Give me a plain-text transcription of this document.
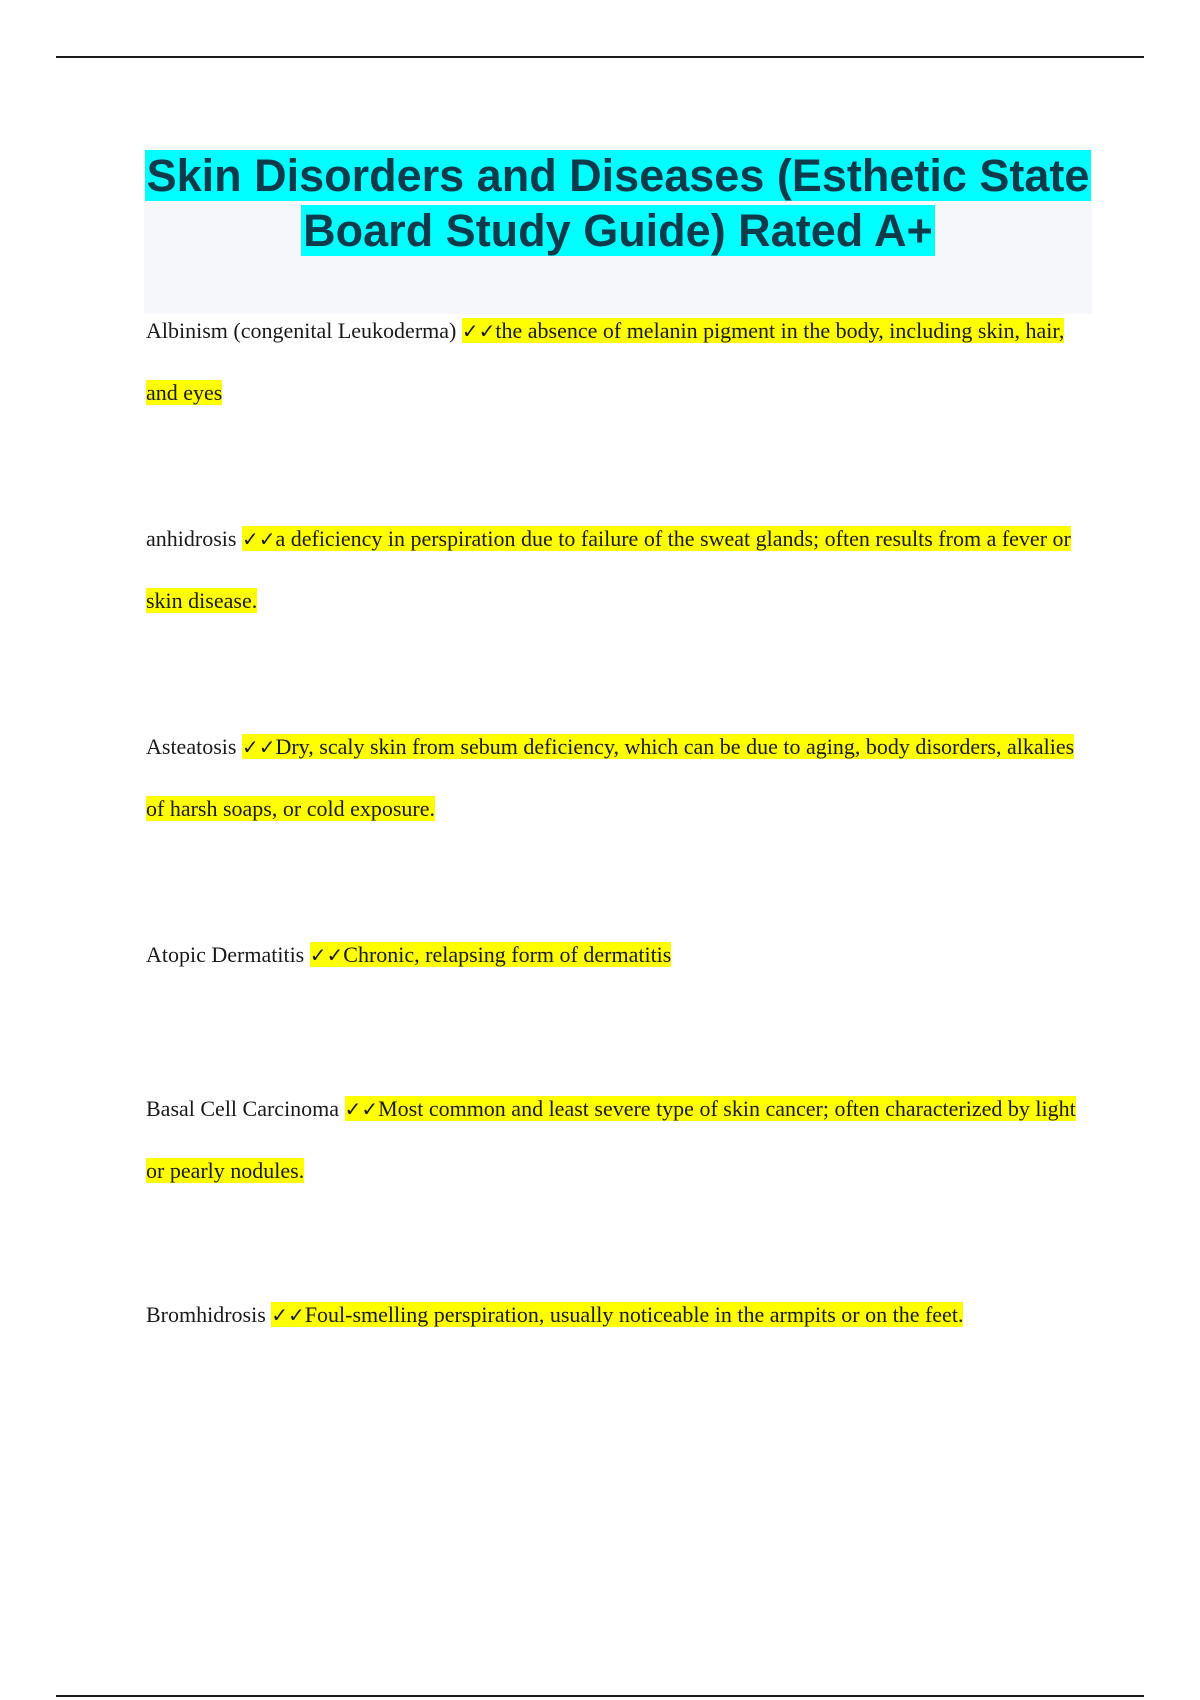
Skin Disorders and Diseases (Esthetic State Board Study Guide) Rated A+

Albinism (congenital Leukoderma) ✓✓the absence of melanin pigment in the body, including skin, hair, and eyes

anhidrosis ✓✓a deficiency in perspiration due to failure of the sweat glands; often results from a fever or skin disease.

Asteatosis ✓✓Dry, scaly skin from sebum deficiency, which can be due to aging, body disorders, alkalies of harsh soaps, or cold exposure.

Atopic Dermatitis ✓✓Chronic, relapsing form of dermatitis

Basal Cell Carcinoma ✓✓Most common and least severe type of skin cancer; often characterized by light or pearly nodules.

Bromhidrosis ✓✓Foul-smelling perspiration, usually noticeable in the armpits or on the feet.
